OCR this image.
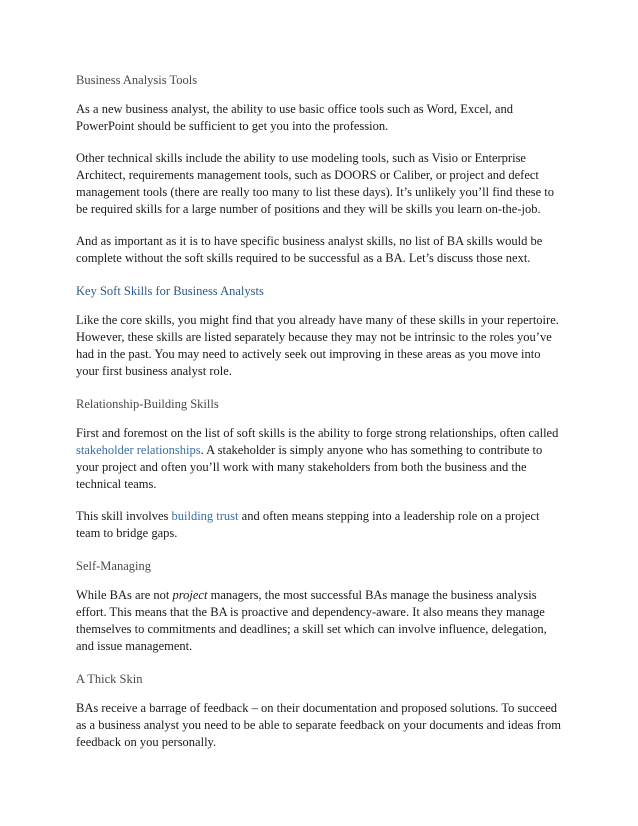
Business Analysis Tools

As a new business analyst, the ability to use basic office tools such as Word, Excel, and PowerPoint should be sufficient to get you into the profession.

Other technical skills include the ability to use modeling tools, such as Visio or Enterprise Architect, requirements management tools, such as DOORS or Caliber, or project and defect management tools (there are really too many to list these days). It’s unlikely you’ll find these to be required skills for a large number of positions and they will be skills you learn on-the-job.

And as important as it is to have specific business analyst skills, no list of BA skills would be complete without the soft skills required to be successful as a BA. Let’s discuss those next.

Key Soft Skills for Business Analysts

Like the core skills, you might find that you already have many of these skills in your repertoire. However, these skills are listed separately because they may not be intrinsic to the roles you’ve had in the past. You may need to actively seek out improving in these areas as you move into your first business analyst role.

Relationship-Building Skills

First and foremost on the list of soft skills is the ability to forge strong relationships, often called stakeholder relationships. A stakeholder is simply anyone who has something to contribute to your project and often you’ll work with many stakeholders from both the business and the technical teams.

This skill involves building trust and often means stepping into a leadership role on a project team to bridge gaps.

Self-Managing

While BAs are not project managers, the most successful BAs manage the business analysis effort. This means that the BA is proactive and dependency-aware. It also means they manage themselves to commitments and deadlines; a skill set which can involve influence, delegation, and issue management.

A Thick Skin

BAs receive a barrage of feedback – on their documentation and proposed solutions. To succeed as a business analyst you need to be able to separate feedback on your documents and ideas from feedback on you personally.
